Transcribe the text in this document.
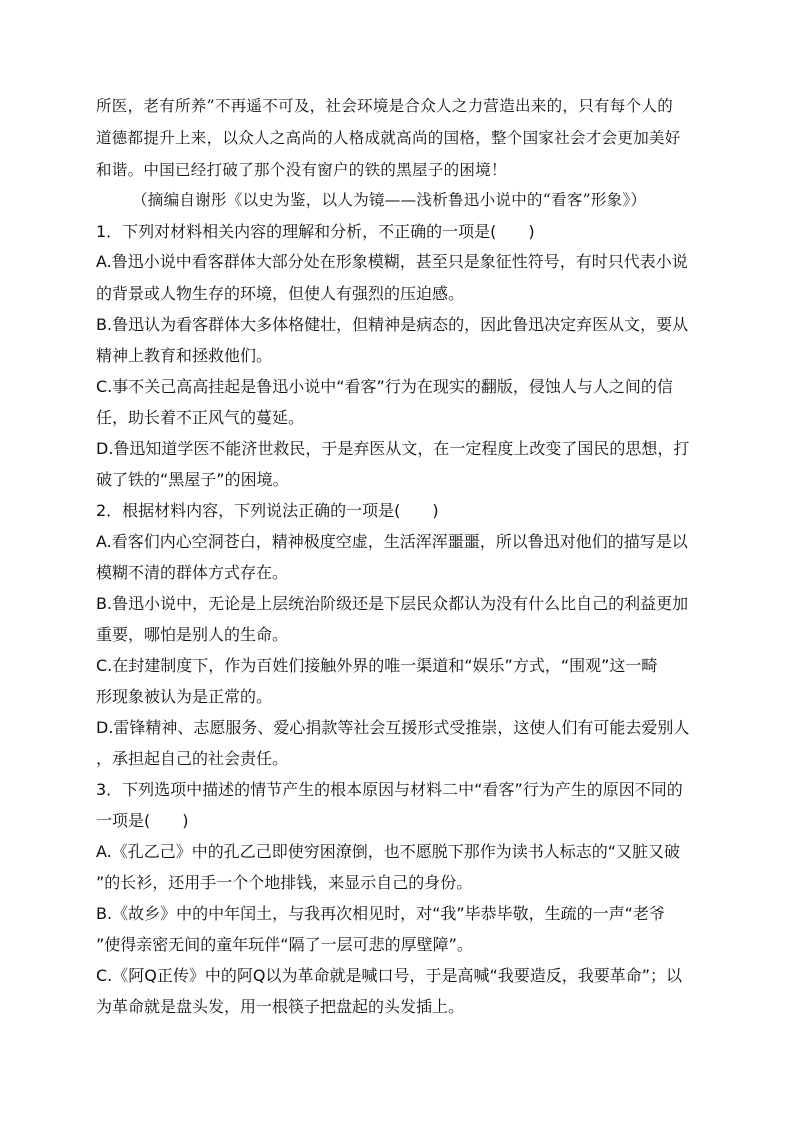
所医，老有所养”不再遥不可及，社会环境是合众人之力营造出来的，只有每个人的
道德都提升上来，以众人之高尚的人格成就高尚的国格，整个国家社会才会更加美好
和谐。中国已经打破了那个没有窗户的铁的黑屋子的困境！
（摘编自谢彤《以史为鉴，以人为镜——浅析鲁迅小说中的“看客”形象》）
1．下列对材料相关内容的理解和分析，不正确的一项是(　　)
A.鲁迅小说中看客群体大部分处在形象模糊，甚至只是象征性符号，有时只代表小说
的背景或人物生存的环境，但使人有强烈的压迫感。
B.鲁迅认为看客群体大多体格健壮，但精神是病态的，因此鲁迅决定弃医从文，要从
精神上教育和拯救他们。
C.事不关己高高挂起是鲁迅小说中“看客”行为在现实的翻版，侵蚀人与人之间的信
任，助长着不正风气的蔓延。
D.鲁迅知道学医不能济世救民，于是弃医从文，在一定程度上改变了国民的思想，打
破了铁的“黑屋子”的困境。
2．根据材料内容，下列说法正确的一项是(　　)
A.看客们内心空洞苍白，精神极度空虚，生活浑浑噩噩，所以鲁迅对他们的描写是以
模糊不清的群体方式存在。
B.鲁迅小说中，无论是上层统治阶级还是下层民众都认为没有什么比自己的利益更加
重要，哪怕是别人的生命。
C.在封建制度下，作为百姓们接触外界的唯一渠道和“娱乐”方式，“围观”这一畸
形现象被认为是正常的。
D.雷锋精神、志愿服务、爱心捐款等社会互援形式受推崇，这使人们有可能去爱别人
，承担起自己的社会责任。
3．下列选项中描述的情节产生的根本原因与材料二中“看客”行为产生的原因不同的
一项是(　　)
A.《孔乙己》中的孔乙己即使穷困潦倒，也不愿脱下那作为读书人标志的“又脏又破
”的长衫，还用手一个个地排钱，来显示自己的身份。
B.《故乡》中的中年闰土，与我再次相见时，对“我”毕恭毕敬，生疏的一声“老爷
”使得亲密无间的童年玩伴“隔了一层可悲的厚壁障”。
C.《阿Q正传》中的阿Q以为革命就是喊口号，于是高喊“我要造反，我要革命”；以
为革命就是盘头发，用一根筷子把盘起的头发插上。
